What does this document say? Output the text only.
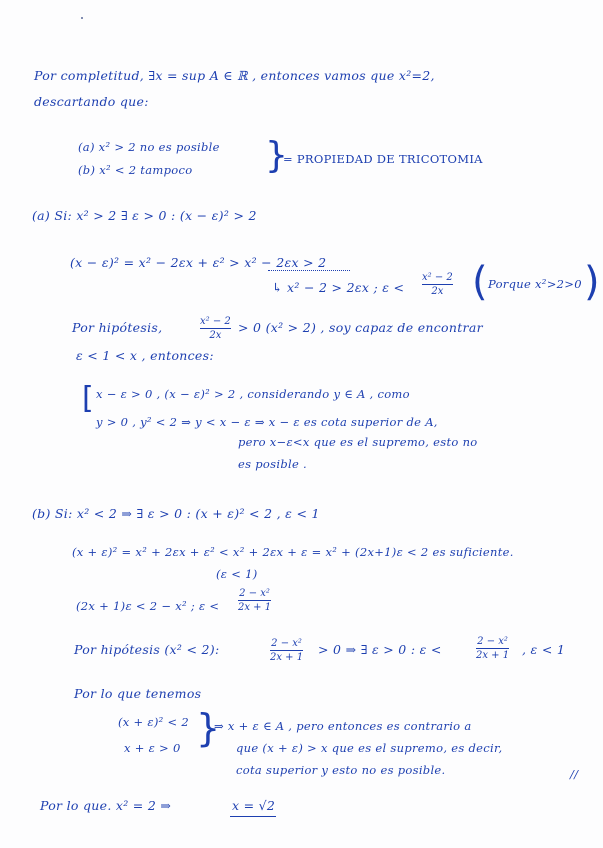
Por completitud, ∃x = sup A ∈ ℝ , entonces vamos que x²=2,
descartando que:
(a) x² > 2 no es posible
(b) x² < 2 tampoco }
= PROPIEDAD DE TRICOTOMIA
(a) Si: x² > 2 ∃ ε > 0 : (x − ε)² > 2
(x − ε)² = x² − 2εx + ε² > x² − 2εx > 2
↳ x² − 2 > 2εx ; ε <
x² − 2
2x ( Porque x²>2>0 )
Por hipótesis,	x² − 2
2x
> 0 (x² > 2) , soy capaz de encontrar
ε < 1 < x , entonces:
[ x − ε > 0 , (x − ε)² > 2 , considerando y ∈ A , como
y > 0 , y² < 2 ⇒ y < x − ε ⇒ x − ε es cota superior de A,
pero x−ε<x que es el supremo, esto no
es posible .
(b) Si: x² < 2 ⇒ ∃ ε > 0 : (x + ε)² < 2 , ε < 1
(x + ε)² = x² + 2εx + ε² < x² + 2εx + ε = x² + (2x+1)ε < 2 es suficiente.
(ε < 1)
(2x + 1)ε < 2 − x² ; ε <
2 − x²
2x + 1
Por hipótesis (x² < 2):	2 − x²
2x + 1
> 0 ⇒ ∃ ε > 0 : ε <
2 − x²
2x + 1 , ε < 1
Por lo que tenemos
(x + ε)² < 2
x + ε > 0 }
⇒ x + ε ∈ A , pero entonces es contrario a
que (x + ε) > x que es el supremo, es decir,
cota superior y esto no es posible.	//
Por lo que. x² = 2 ⇒	x = √2
